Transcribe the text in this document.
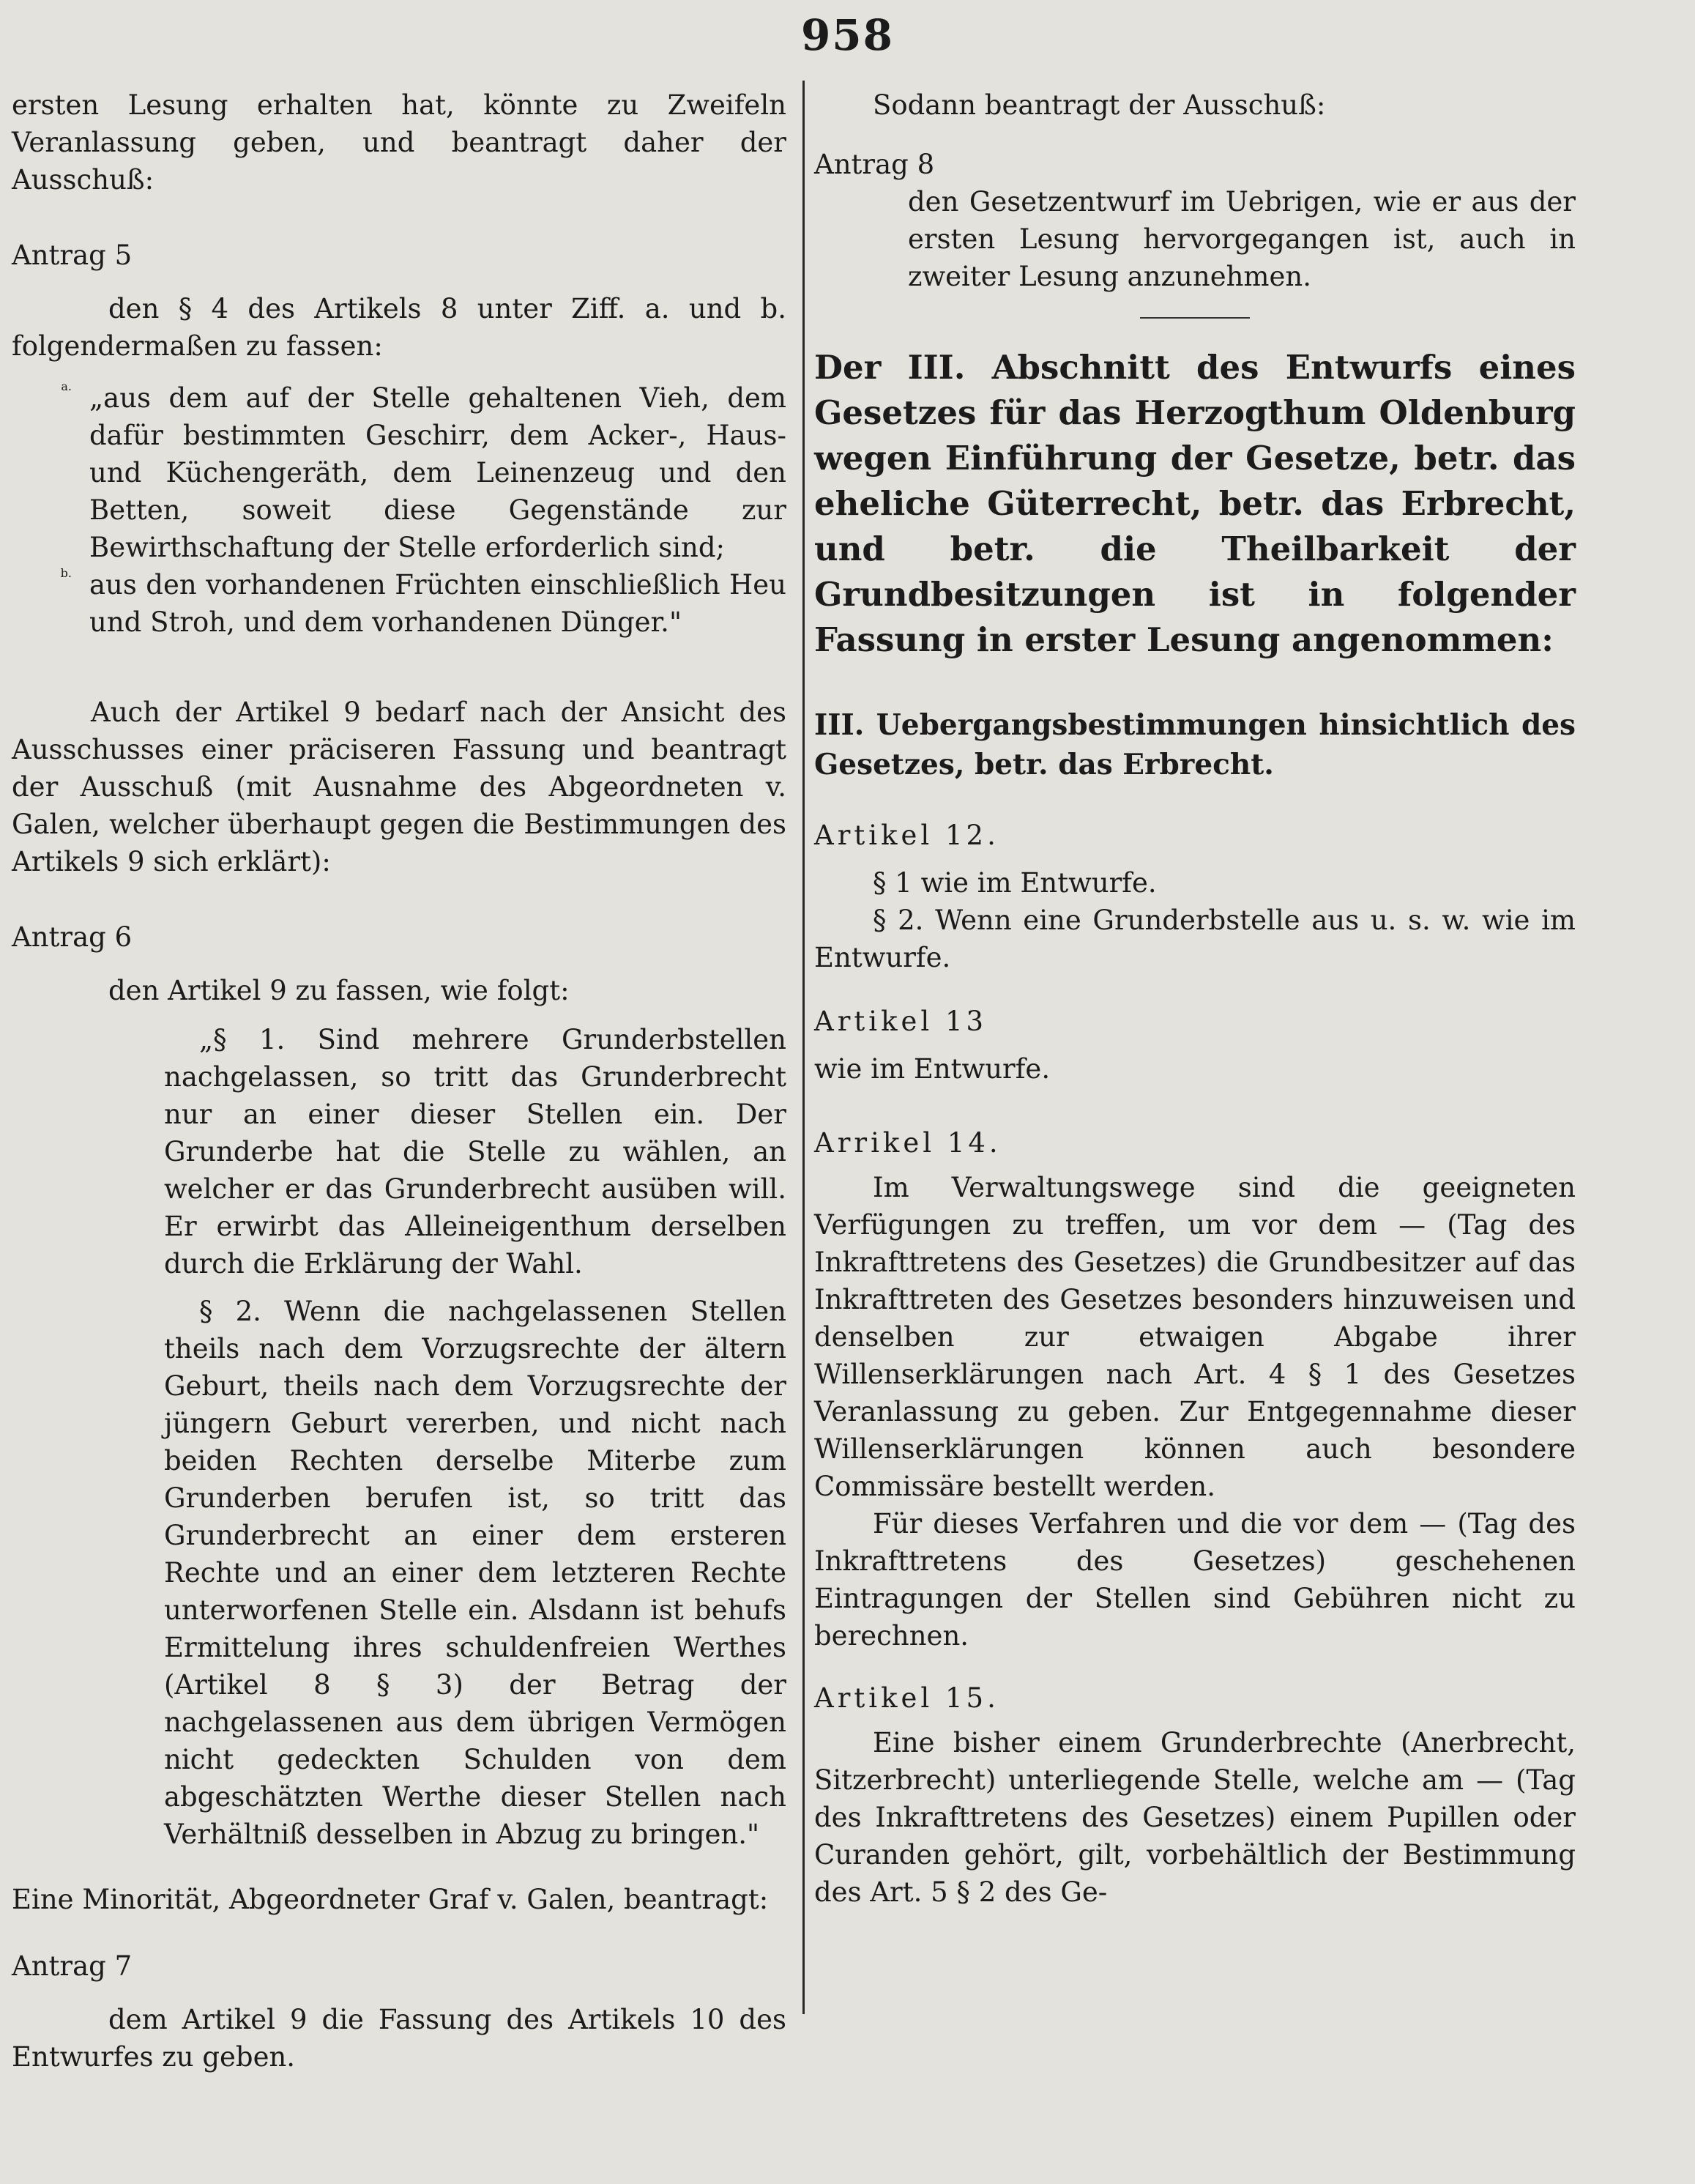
958

ersten Lesung erhalten hat, könnte zu Zweifeln Veranlassung geben, und beantragt daher der Ausschuß:

Antrag 5

den § 4 des Artikels 8 unter Ziff. a. und b. folgendermaßen zu fassen:

a. „aus dem auf der Stelle gehaltenen Vieh, dem dafür bestimmten Geschirr, dem Acker-, Haus- und Küchengeräth, dem Leinenzeug und den Betten, soweit diese Gegenstände zur Bewirthschaftung der Stelle erforderlich sind;

b. aus den vorhandenen Früchten einschließlich Heu und Stroh, und dem vorhandenen Dünger."

Auch der Artikel 9 bedarf nach der Ansicht des Ausschusses einer präciseren Fassung und beantragt der Ausschuß (mit Ausnahme des Abgeordneten v. Galen, welcher überhaupt gegen die Bestimmungen des Artikels 9 sich erklärt):

Antrag 6

den Artikel 9 zu fassen, wie folgt:

„§ 1. Sind mehrere Grunderbstellen nachgelassen, so tritt das Grunderbrecht nur an einer dieser Stellen ein. Der Grunderbe hat die Stelle zu wählen, an welcher er das Grunderbrecht ausüben will. Er erwirbt das Alleineigenthum derselben durch die Erklärung der Wahl.

§ 2. Wenn die nachgelassenen Stellen theils nach dem Vorzugsrechte der ältern Geburt, theils nach dem Vorzugsrechte der jüngern Geburt vererben, und nicht nach beiden Rechten derselbe Miterbe zum Grunderben berufen ist, so tritt das Grunderbrecht an einer dem ersteren Rechte und an einer dem letzteren Rechte unterworfenen Stelle ein. Alsdann ist behufs Ermittelung ihres schuldenfreien Werthes (Artikel 8 § 3) der Betrag der nachgelassenen aus dem übrigen Vermögen nicht gedeckten Schulden von dem abgeschätzten Werthe dieser Stellen nach Verhältniß desselben in Abzug zu bringen."

Eine Minorität, Abgeordneter Graf v. Galen, beantragt:

Antrag 7

dem Artikel 9 die Fassung des Artikels 10 des Entwurfes zu geben.

Sodann beantragt der Ausschuß:

Antrag 8

den Gesetzentwurf im Uebrigen, wie er aus der ersten Lesung hervorgegangen ist, auch in zweiter Lesung anzunehmen.

Der III. Abschnitt des Entwurfs eines Gesetzes für das Herzogthum Oldenburg wegen Einführung der Gesetze, betr. das eheliche Güterrecht, betr. das Erbrecht, und betr. die Theilbarkeit der Grundbesitzungen ist in folgender Fassung in erster Lesung angenommen:

III. Uebergangsbestimmungen hinsichtlich des Gesetzes, betr. das Erbrecht.

Artikel 12.

§ 1 wie im Entwurfe.

§ 2. Wenn eine Grunderbstelle aus u. s. w. wie im Entwurfe.

Artikel 13

wie im Entwurfe.

Arrikel 14.

Im Verwaltungswege sind die geeigneten Verfügungen zu treffen, um vor dem — (Tag des Inkrafttretens des Gesetzes) die Grundbesitzer auf das Inkrafttreten des Gesetzes besonders hinzuweisen und denselben zur etwaigen Abgabe ihrer Willenserklärungen nach Art. 4 § 1 des Gesetzes Veranlassung zu geben. Zur Entgegennahme dieser Willenserklärungen können auch besondere Commissäre bestellt werden.

Für dieses Verfahren und die vor dem — (Tag des Inkrafttretens des Gesetzes) geschehenen Eintragungen der Stellen sind Gebühren nicht zu berechnen.

Artikel 15.

Eine bisher einem Grunderbrechte (Anerbrecht, Sitzerbrecht) unterliegende Stelle, welche am — (Tag des Inkrafttretens des Gesetzes) einem Pupillen oder Curanden gehört, gilt, vorbehältlich der Bestimmung des Art. 5 § 2 des Ge-
